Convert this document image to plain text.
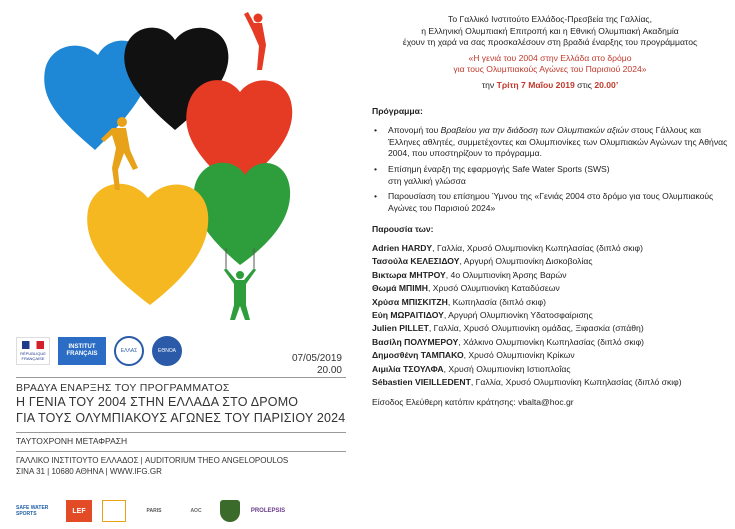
RÉPUBLIQUE FRANÇAISE
INSTITUT FRANÇAIS	ΕΛΛΑΣ	ΕΘΝΟΑ
07/05/2019
20.00
ΒΡΑΔΥΑ ΕΝΑΡΞΗΣ ΤΟΥ ΠΡΟΓΡΑΜΜΑΤΟΣ
Η ΓΕΝΙΑ ΤΟΥ 2004 ΣΤΗΝ ΕΛΛΑΔΑ ΣΤΟ ΔΡΟΜΟ
ΓΙΑ ΤΟΥΣ ΟΛΥΜΠΙΑΚΟΥΣ ΑΓΩΝΕΣ ΤΟΥ ΠΑΡΙΣΙΟΥ 2024
ΤΑΥΤΟΧΡΟΝΗ ΜΕΤΑΦΡΑΣΗ
ΓΑΛΛΙΚΟ ΙΝΣΤΙΤΟΥΤΟ ΕΛΛΑΔΟΣ | AUDITORIUM THEO ANGELOPOULOS
ΣΙΝΑ 31 | 10680 ΑΘΗΝΑ | WWW.IFG.GR
SAFE WATER SPORTS	LEF	PARIS	AOC	PROLEPSIS
Το Γαλλικό Ινστιτούτο Ελλάδος-Πρεσβεία της Γαλλίας,
η Ελληνική Ολυμπιακή Επιτροπή και η Εθνική Ολυμπιακή Ακαδημία
έχουν τη χαρά να σας προσκαλέσουν στη βραδιά έναρξης του προγράμματος
«Η γενιά του 2004 στην Ελλάδα στο δρόμο
για τους Ολυμπιακούς Αγώνες του Παρισιού 2024»
την Τρίτη 7 Μαΐου 2019 στις 20.00’
Πρόγραμμα:
• Απονομή του Βραβείου για την διάδοση των Ολυμπιακών αξιών στους Γάλλους και Έλληνες αθλητές, συμμετέχοντες και Ολυμπιονίκες των Ολυμπιακών Αγώνων της Αθήνας 2004, που υποστηρίζουν το πρόγραμμα.
• Επίσημη έναρξη της εφαρμογής Safe Water Sports (SWS)
στη γαλλική γλώσσα
• Παρουσίαση του επίσημου Ύμνου της «Γενιάς 2004 στο δρόμο για τους Ολυμπιακούς Αγώνες του Παρισιού 2024»
Παρουσία των:
Adrien HARDY, Γαλλία, Χρυσό Ολυμπιονίκη Κωπηλασίας (διπλό σκιφ)
Τασούλα ΚΕΛΕΣΙΔΟΥ, Αργυρή Ολυμπιονίκη Δισκοβολίας
Βικτωρα ΜΗΤΡΟΥ, 4ο Ολυμπιονίκη Άρσης Βαρών
Θωμά ΜΠΙΜΗ, Χρυσό Ολυμπιονίκη Καταδύσεων
Χρύσα ΜΠΙΣΚΙΤΖΗ, Κωπηλασία (διπλό σκιφ)
Εύη ΜΩΡΑΙΤΙΔΟΥ, Αργυρή Ολυμπιονίκη Υδατοσφαίρισης
Julien PILLET, Γαλλία, Χρυσό Ολυμπιονίκη ομάδας, Ξιφασκία (σπάθη)
Βασίλη ΠΟΛΥΜΕΡΟΥ, Χάλκινο Ολυμπιονίκη Κωπηλασίας (διπλό σκιφ)
Δημοσθένη ΤΑΜΠΑΚΟ, Χρυσό Ολυμπιονίκη Κρίκων
Αιμιλία ΤΣΟΥΛΦΑ, Χρυσή Ολυμπιονίκη Ιστιοπλοΐας
Sébastien VIEILLEDENT, Γαλλία, Χρυσό Ολυμπιονίκη Κωπηλασίας (διπλό σκιφ)
Είσοδος Ελεύθερη κατόπιν κράτησης: vbalta@hoc.gr
